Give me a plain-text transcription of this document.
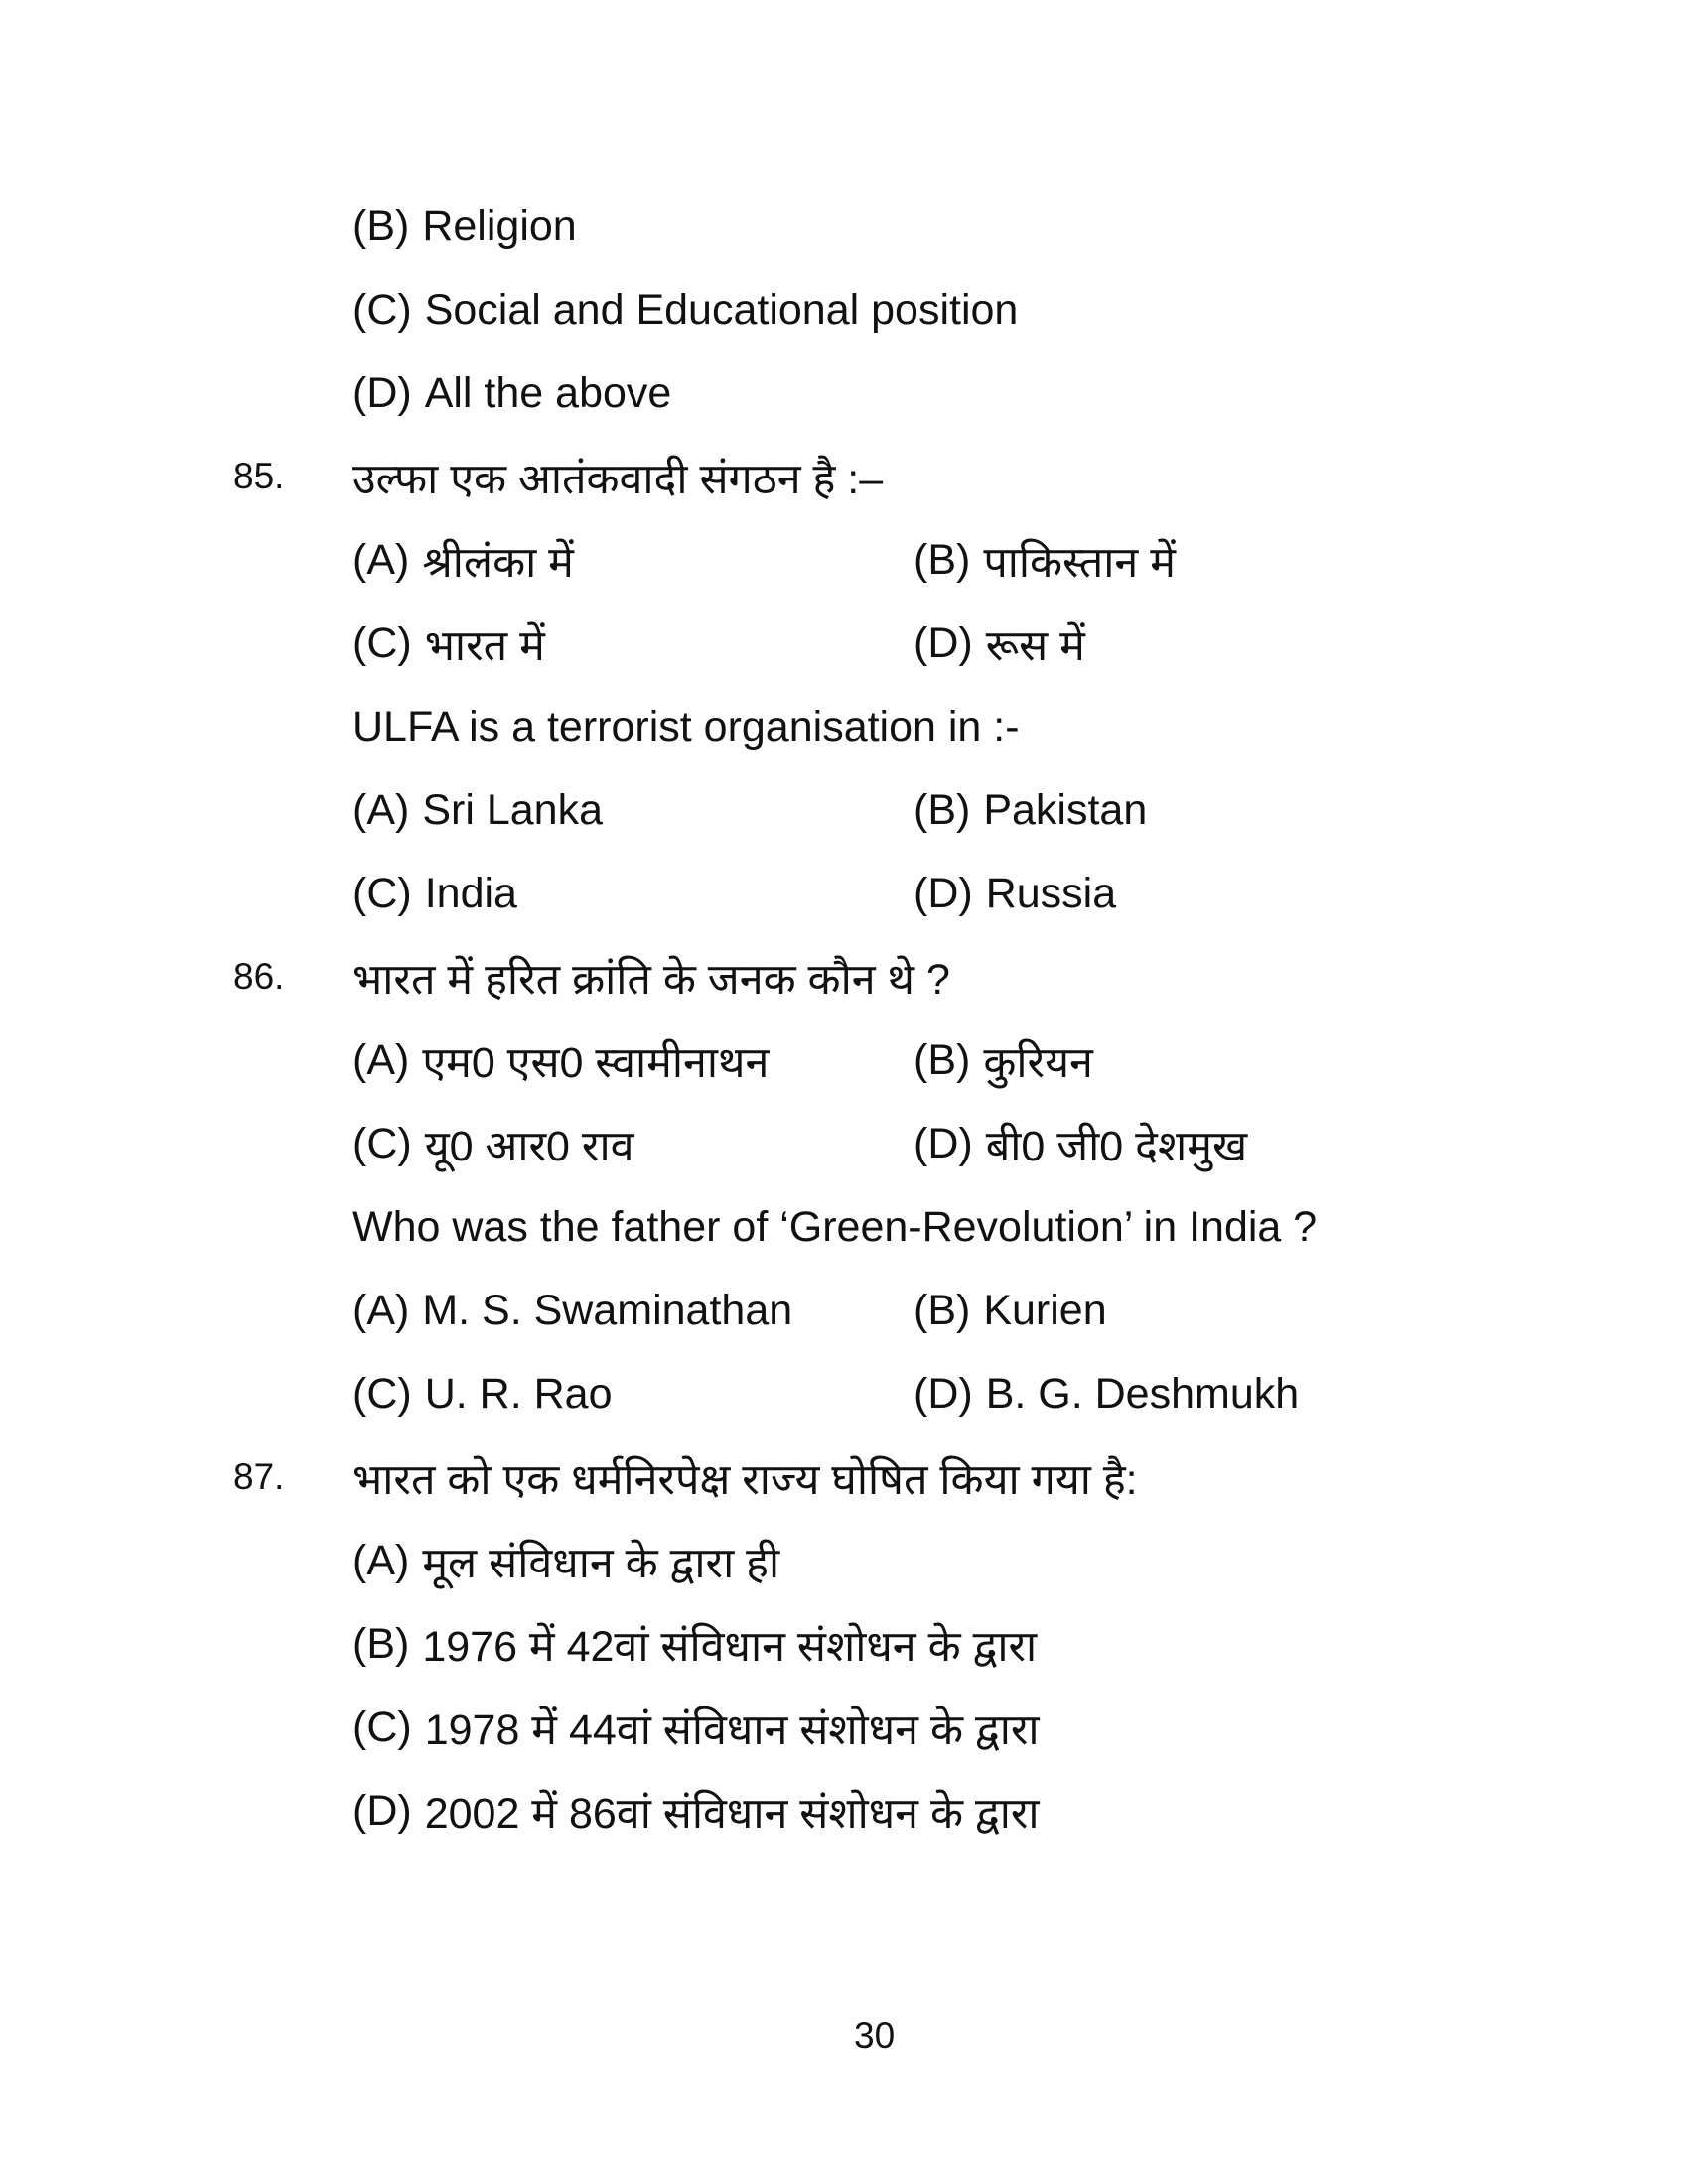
(B) Religion
(C) Social and Educational position
(D) All the above
85.	उल्फा एक आतंकवादी संगठन है :–
(A) श्रीलंका में	(B) पाकिस्तान में
(C) भारत में	(D) रूस में
ULFA is a terrorist organisation in :-
(A) Sri Lanka	(B) Pakistan
(C) India	(D) Russia
86.	भारत में हरित क्रांति के जनक कौन थे ?
(A) एम0 एस0 स्वामीनाथन	(B) कुरियन
(C) यू0 आर0 राव	(D) बी0 जी0 देशमुख
Who was the father of ‘Green-Revolution’ in India ?
(A) M. S. Swaminathan	(B) Kurien
(C) U. R. Rao	(D) B. G. Deshmukh
87.	भारत को एक धर्मनिरपेक्ष राज्य घोषित किया गया है:
(A) मूल संविधान के द्वारा ही
(B) 1976 में 42वां संविधान संशोधन के द्वारा
(C) 1978 में 44वां संविधान संशोधन के द्वारा
(D) 2002 में 86वां संविधान संशोधन के द्वारा
30
